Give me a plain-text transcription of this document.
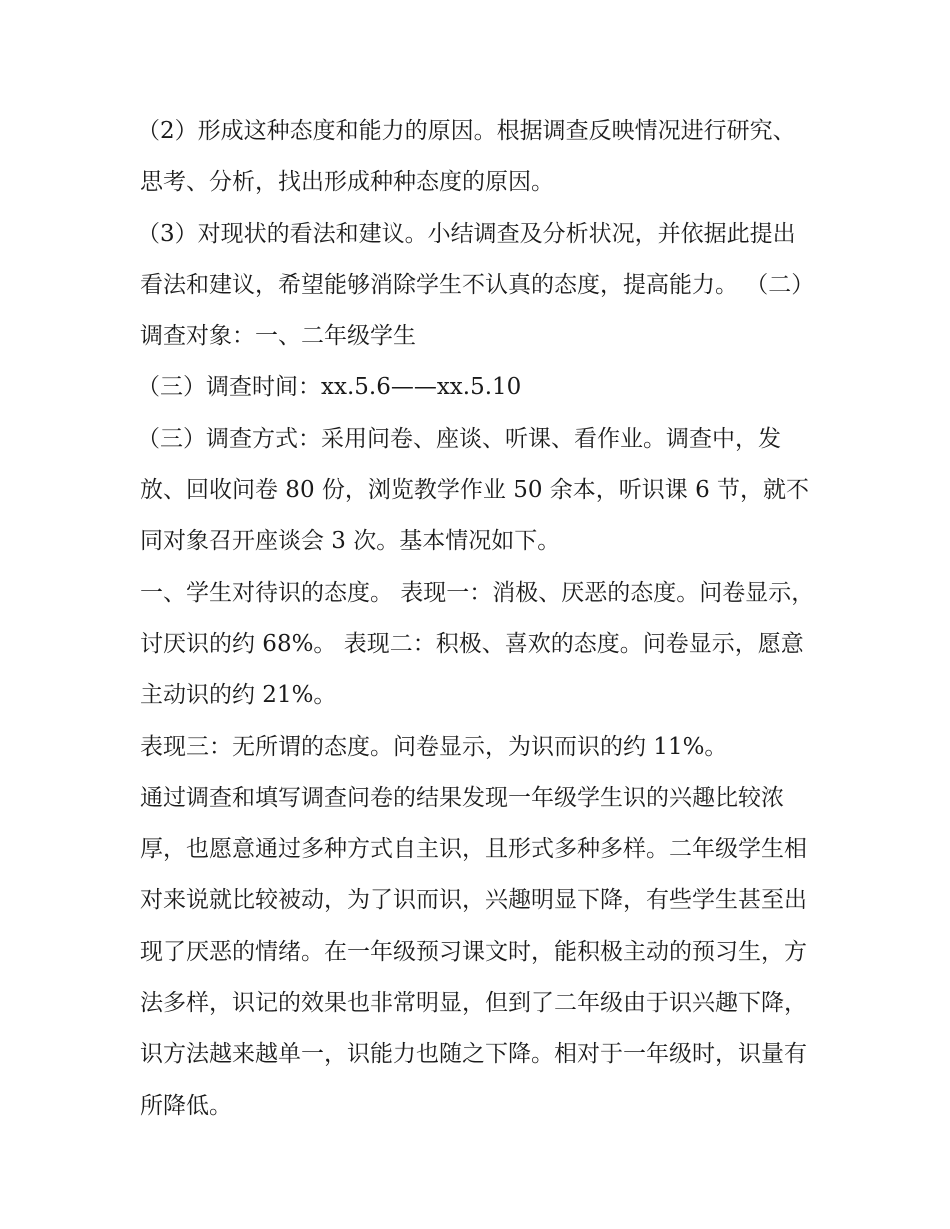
（2）形成这种态度和能力的原因。根据调查反映情况进行研究、思考、分析，找出形成种种态度的原因。

（3）对现状的看法和建议。小结调查及分析状况，并依据此提出看法和建议，希望能够消除学生不认真的态度，提高能力。 （二）调查对象：一、二年级学生

（三）调查时间：xx.5.6——xx.5.10

（三）调查方式：采用问卷、座谈、听课、看作业。调查中，发放、回收问卷 80 份，浏览教学作业 50 余本，听识课 6 节，就不同对象召开座谈会 3 次。基本情况如下。

一、学生对待识的态度。 表现一：消极、厌恶的态度。问卷显示，讨厌识的约 68%。 表现二：积极、喜欢的态度。问卷显示，愿意主动识的约 21%。

表现三：无所谓的态度。问卷显示，为识而识的约 11%。

通过调查和填写调查问卷的结果发现一年级学生识的兴趣比较浓厚，也愿意通过多种方式自主识，且形式多种多样。二年级学生相对来说就比较被动，为了识而识，兴趣明显下降，有些学生甚至出现了厌恶的情绪。在一年级预习课文时，能积极主动的预习生，方法多样，识记的效果也非常明显，但到了二年级由于识兴趣下降，识方法越来越单一，识能力也随之下降。相对于一年级时，识量有所降低。
